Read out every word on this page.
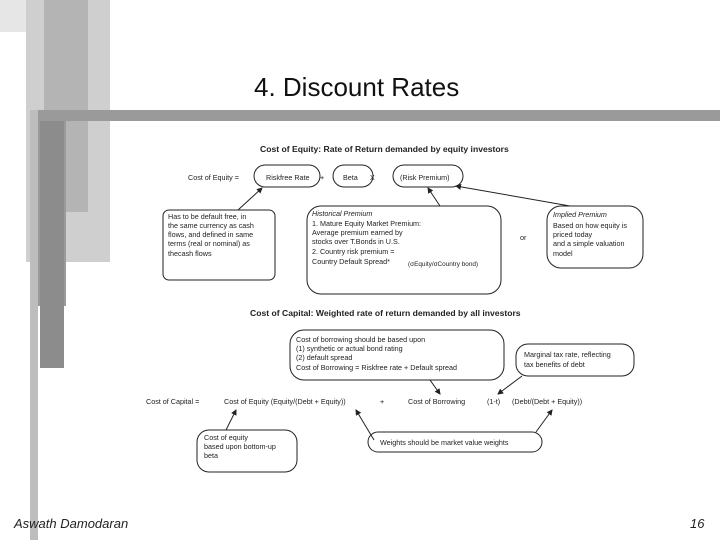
4. Discount Rates
Cost of Equity: Rate of Return demanded by equity investors
Cost of Equity =	Riskfree Rate +	Beta X	(Risk Premium)
Has to be default free, in
the same currency as cash
flows, and defined in same
terms (real or nominal) as
thecash flows
Historical Premium
1. Mature Equity Market Premium:
Average premium earned by
stocks over T.Bonds in U.S.
2. Country risk premium =
Country Default Spread*	(σEquity/σCountry bond)
or
Implied Premium
Based on how equity is
priced today
and a simple valuation
model
Cost of Capital: Weighted rate of return demanded by all investors
Cost of borrowing should be based upon
(1) synthetic or actual bond rating
(2) default spread
Cost of Borrowing = Riskfree rate + Default spread
Marginal tax rate, reflecting
tax benefits of debt
Cost of Capital =	Cost of Equity (Equity/(Debt + Equity))	+	Cost of Borrowing	(1-t) (Debt/(Debt + Equity))
Cost of equity
based upon bottom-up
beta
Weights should be market value weights
Aswath Damodaran	16
